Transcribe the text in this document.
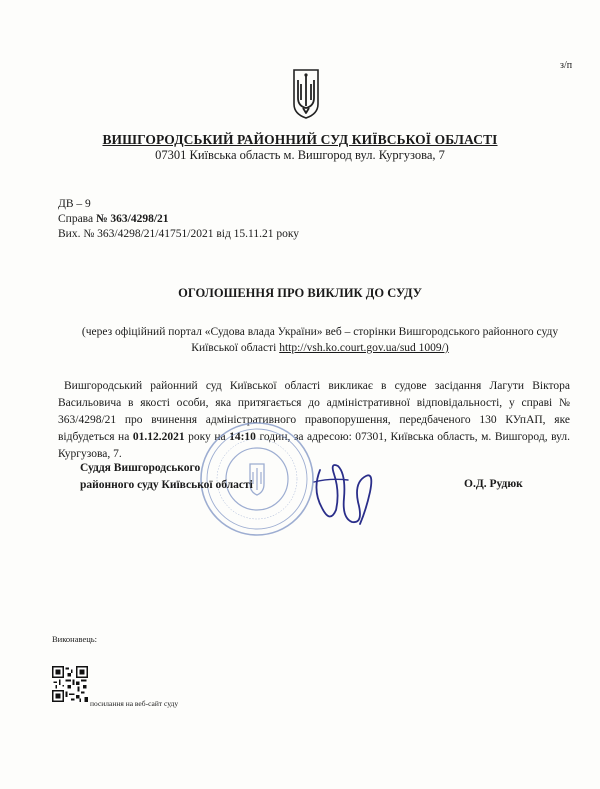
з/п
ВИШГОРОДСЬКИЙ РАЙОННИЙ СУД КИЇВСЬКОЇ ОБЛАСТІ
07301 Київська область м. Вишгород вул. Кургузова, 7
ДВ – 9
Справа № 363/4298/21
Вих. № 363/4298/21/41751/2021 від 15.11.21 року
ОГОЛОШЕННЯ ПРО ВИКЛИК ДО СУДУ
(через офіційний портал «Судова влада України» веб – сторінки Вишгородського районного суду Київської області http://vsh.ko.court.gov.ua/sud 1009/)
Вишгородський районний суд Київської області викликає в судове засідання Лагути Віктора Васильовича в якості особи, яка притягається до адміністративної відповідальності, у справі № 363/4298/21 про вчинення адміністративного правопорушення, передбаченого 130 КУпАП, яке відбудеться на 01.12.2021 року на 14:10 годин, за адресою: 07301, Київська область, м. Вишгород, вул. Кургузова, 7.
Суддя Вишгородського
районного суду Київської області	О.Д. Рудюк
Виконавець:
посилання на веб-сайт суду
